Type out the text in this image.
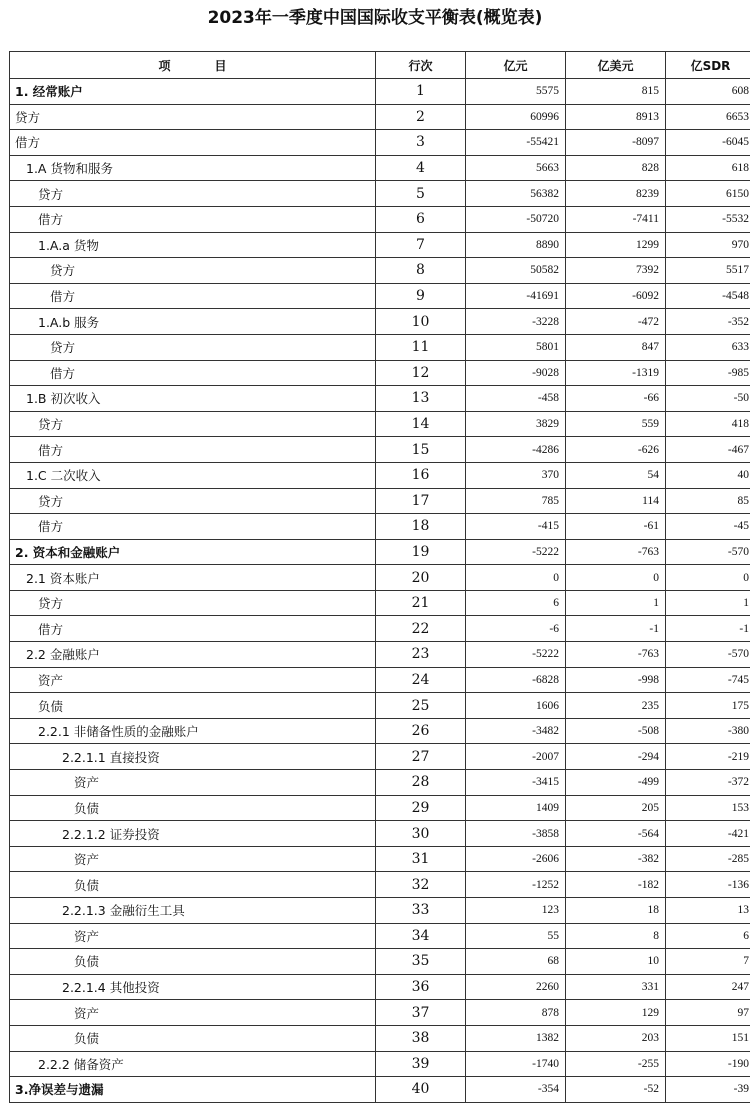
2023年一季度中国国际收支平衡表(概览表)
项 目	行次	亿元	亿美元	亿SDR
1. 经常账户	1	5575	815	608
贷方	2	60996	8913	6653
借方	3	-55421	-8097	-6045
1.A 货物和服务	4	5663	828	618
贷方	5	56382	8239	6150
借方	6	-50720	-7411	-5532
1.A.a 货物	7	8890	1299	970
贷方	8	50582	7392	5517
借方	9	-41691	-6092	-4548
1.A.b 服务	10	-3228	-472	-352
贷方	11	5801	847	633
借方	12	-9028	-1319	-985
1.B 初次收入	13	-458	-66	-50
贷方	14	3829	559	418
借方	15	-4286	-626	-467
1.C 二次收入	16	370	54	40
贷方	17	785	114	85
借方	18	-415	-61	-45
2. 资本和金融账户	19	-5222	-763	-570
2.1 资本账户	20	0	0	0
贷方	21	6	1	1
借方	22	-6	-1	-1
2.2 金融账户	23	-5222	-763	-570
资产	24	-6828	-998	-745
负债	25	1606	235	175
2.2.1 非储备性质的金融账户	26	-3482	-508	-380
2.2.1.1 直接投资	27	-2007	-294	-219
资产	28	-3415	-499	-372
负债	29	1409	205	153
2.2.1.2 证券投资	30	-3858	-564	-421
资产	31	-2606	-382	-285
负债	32	-1252	-182	-136
2.2.1.3 金融衍生工具	33	123	18	13
资产	34	55	8	6
负债	35	68	10	7
2.2.1.4 其他投资	36	2260	331	247
资产	37	878	129	97
负债	38	1382	203	151
2.2.2 储备资产	39	-1740	-255	-190
3.净误差与遗漏	40	-354	-52	-39
